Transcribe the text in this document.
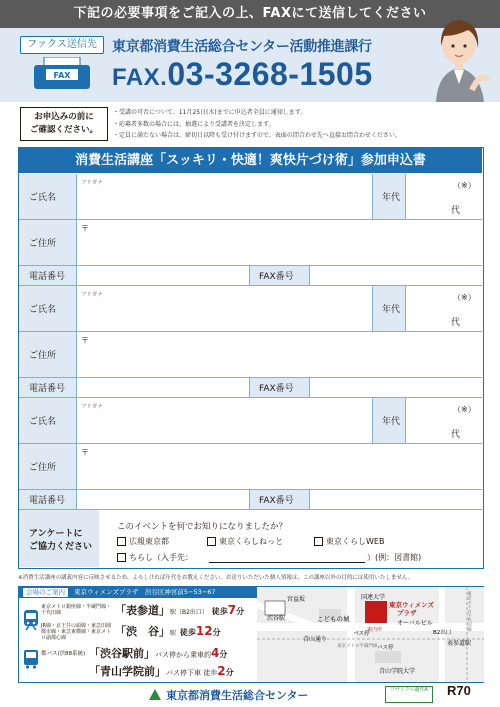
下記の必要事項をご記入の上、FAXにて送信してください
ファクス送信先
FAX
東京都消費生活総合センター活動推進課行
FAX.03-3268-1505
お申込みの前に
ご確認ください。
・受講の可否について、11月25日(水)までに申込者全員に通知します。
・応募者多数の場合には、抽選により受講者を決定します。
・定員に満たない場合は、締切日以降も受け付けますので、表面の問合わせ先へ直接お問合わせください。
消費生活講座「スッキリ・快適！爽快片づけ術」参加申込書
ご氏名
フリガナ
年代
（※）
代
ご住所
〒
電話番号	FAX番号
ご氏名
フリガナ
年代
（※）
代
ご住所
〒
電話番号	FAX番号
ご氏名
フリガナ
年代
（※）
代
ご住所
〒
電話番号	FAX番号
アンケートに
ご協力ください
このイベントを何でお知りになりましたか？
広報東京都	東京くらしねっと	東京くらしWEB
ちらし（入手先：	）(例：図書館)
※消費生活講座の講義内容に反映させるため、よろしければ年代をお教えください。お送りいただいた個人情報は、この講座以外の目的には使用いたしません。
会場のご案内 東京ウィメンズプラザ　 渋谷区神宮前5−53−67
東京メトロ銀座線・半蔵門線・千代田線	「表参道」駅（B2出口） 徒歩7分
JR線・京王井の頭線・東急田園都市線・東急東横線・東京メトロ副都心線	「渋　谷」駅 徒歩12分
都バス(渋88系統) 「渋谷駅前」バス停から乗車約4分
「青山学院前」バス停下車 徒歩2分
宮益坂
渋谷駅
青山通り
こどもの城
国連大学
バス停
バス停
東京ウィメンズ
プラザ
案内所
オーバルビル
B2出口
表参道駅
青山学院大学
東京メトロ半蔵門線
東京メトロ千代田線
東京都消費生活総合センター	リサイクル適性A	R70
